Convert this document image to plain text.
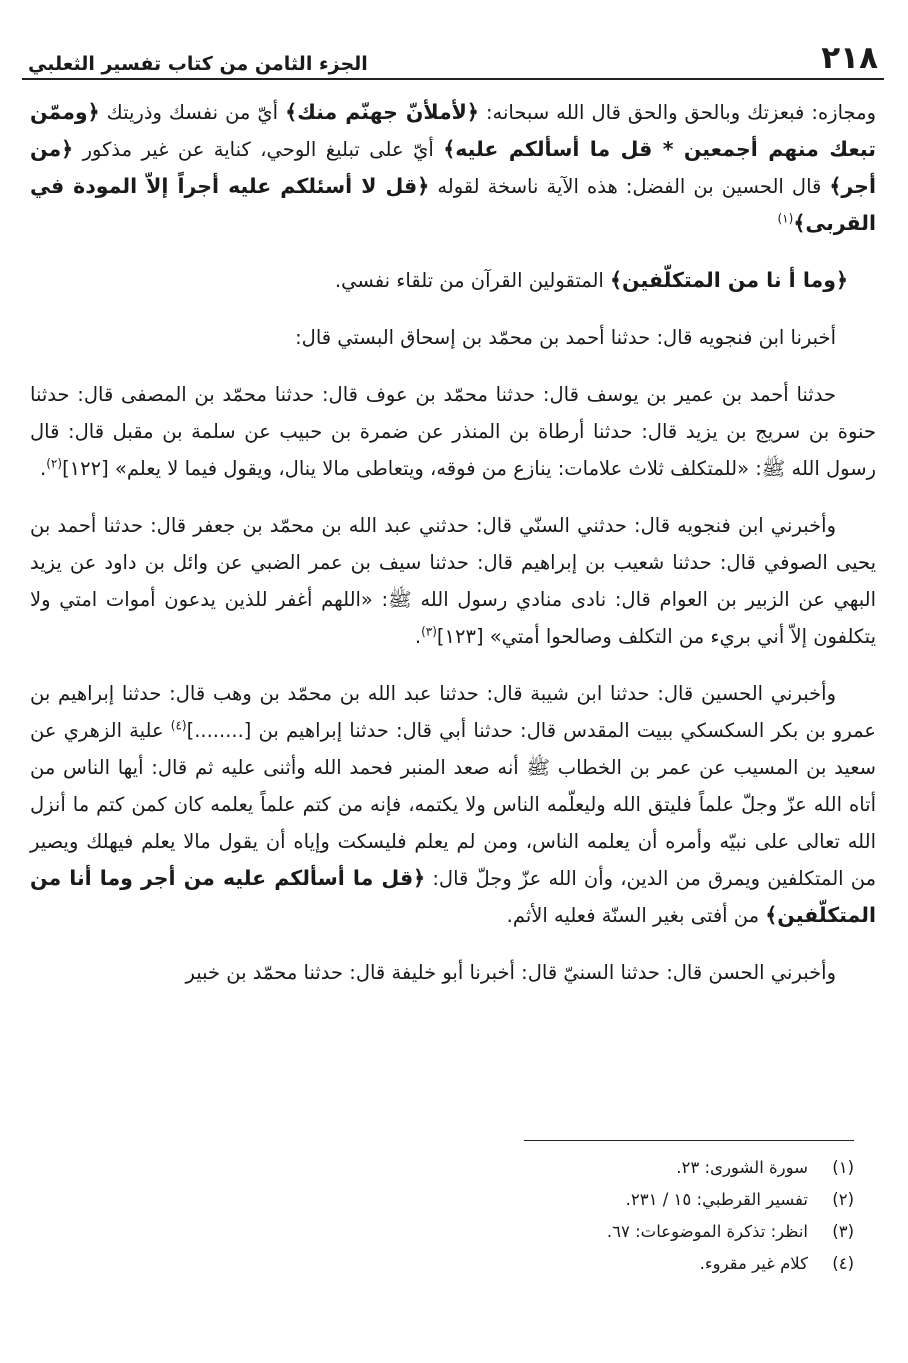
٢١٨
الجزء الثامن من كتاب تفسير الثعلبي

ومجازه: فبعزتك وبالحق والحق قال الله سبحانه: ﴿لأملأنّ جهنّم منك﴾ أيّ من نفسك وذريتك ﴿وممّن تبعك منهم أجمعين * قل ما أسألكم عليه﴾ أيّ على تبليغ الوحي، كناية عن غير مذكور ﴿من أجر﴾ قال الحسين بن الفضل: هذه الآية ناسخة لقوله ﴿قل لا أسئلكم عليه أجراً إلاّ المودة في القربى﴾$^{(١)}$

﴿وما أ نا من المتكلّفين﴾ المتقولين القرآن من تلقاء نفسي.

أخبرنا ابن فنجويه قال: حدثنا أحمد بن محمّد بن إسحاق البستي قال:

حدثنا أحمد بن عمير بن يوسف قال: حدثنا محمّد بن عوف قال: حدثنا محمّد بن المصفى قال: حدثنا حنوة بن سريج بن يزيد قال: حدثنا أرطاة بن المنذر عن ضمرة بن حبيب عن سلمة بن مقبل قال: قال رسول الله ﷺ: «للمتكلف ثلاث علامات: ينازع من فوقه، ويتعاطى مالا ينال، ويقول فيما لا يعلم» [١٢٢]$^{(٢)}$.

وأخبرني ابن فنجويه قال: حدثني السنّي قال: حدثني عبد الله بن محمّد بن جعفر قال: حدثنا أحمد بن يحيى الصوفي قال: حدثنا شعيب بن إبراهيم قال: حدثنا سيف بن عمر الضبي عن وائل بن داود عن يزيد البهي عن الزبير بن العوام قال: نادى منادي رسول الله ﷺ: «اللهم أغفر للذين يدعون أموات امتي ولا يتكلفون إلاّ أني بريء من التكلف وصالحوا أمتي» [١٢٣]$^{(٣)}$.

وأخبرني الحسين قال: حدثنا ابن شيبة قال: حدثنا عبد الله بن محمّد بن وهب قال: حدثنا إبراهيم بن عمرو بن بكر السكسكي ببيت المقدس قال: حدثنا أبي قال: حدثنا إبراهيم بن [........]$^{(٤)}$ علية الزهري عن سعيد بن المسيب عن عمر بن الخطاب ﷺ أنه صعد المنبر فحمد الله وأثنى عليه ثم قال: أيها الناس من أتاه الله عزّ وجلّ علماً فليتق الله وليعلّمه الناس ولا يكتمه، فإنه من كتم علماً يعلمه كان كمن كتم ما أنزل الله تعالى على نبيّه وأمره أن يعلمه الناس، ومن لم يعلم فليسكت وإياه أن يقول مالا يعلم فيهلك ويصير من المتكلفين ويمرق من الدين، وأن الله عزّ وجلّ قال: ﴿قل ما أسألكم عليه من أجر وما أنا من المتكلّفين﴾ من أفتى بغير السنّة فعليه الأثم.

وأخبرني الحسن قال: حدثنا السنيّ قال: أخبرنا أبو خليفة قال: حدثنا محمّد بن خبير

(١)
سورة الشورى: ٢٣.
(٢)
تفسير القرطبي: ١٥ / ٢٣١.
(٣)
انظر: تذكرة الموضوعات: ٦٧.
(٤)
كلام غير مقروء.
